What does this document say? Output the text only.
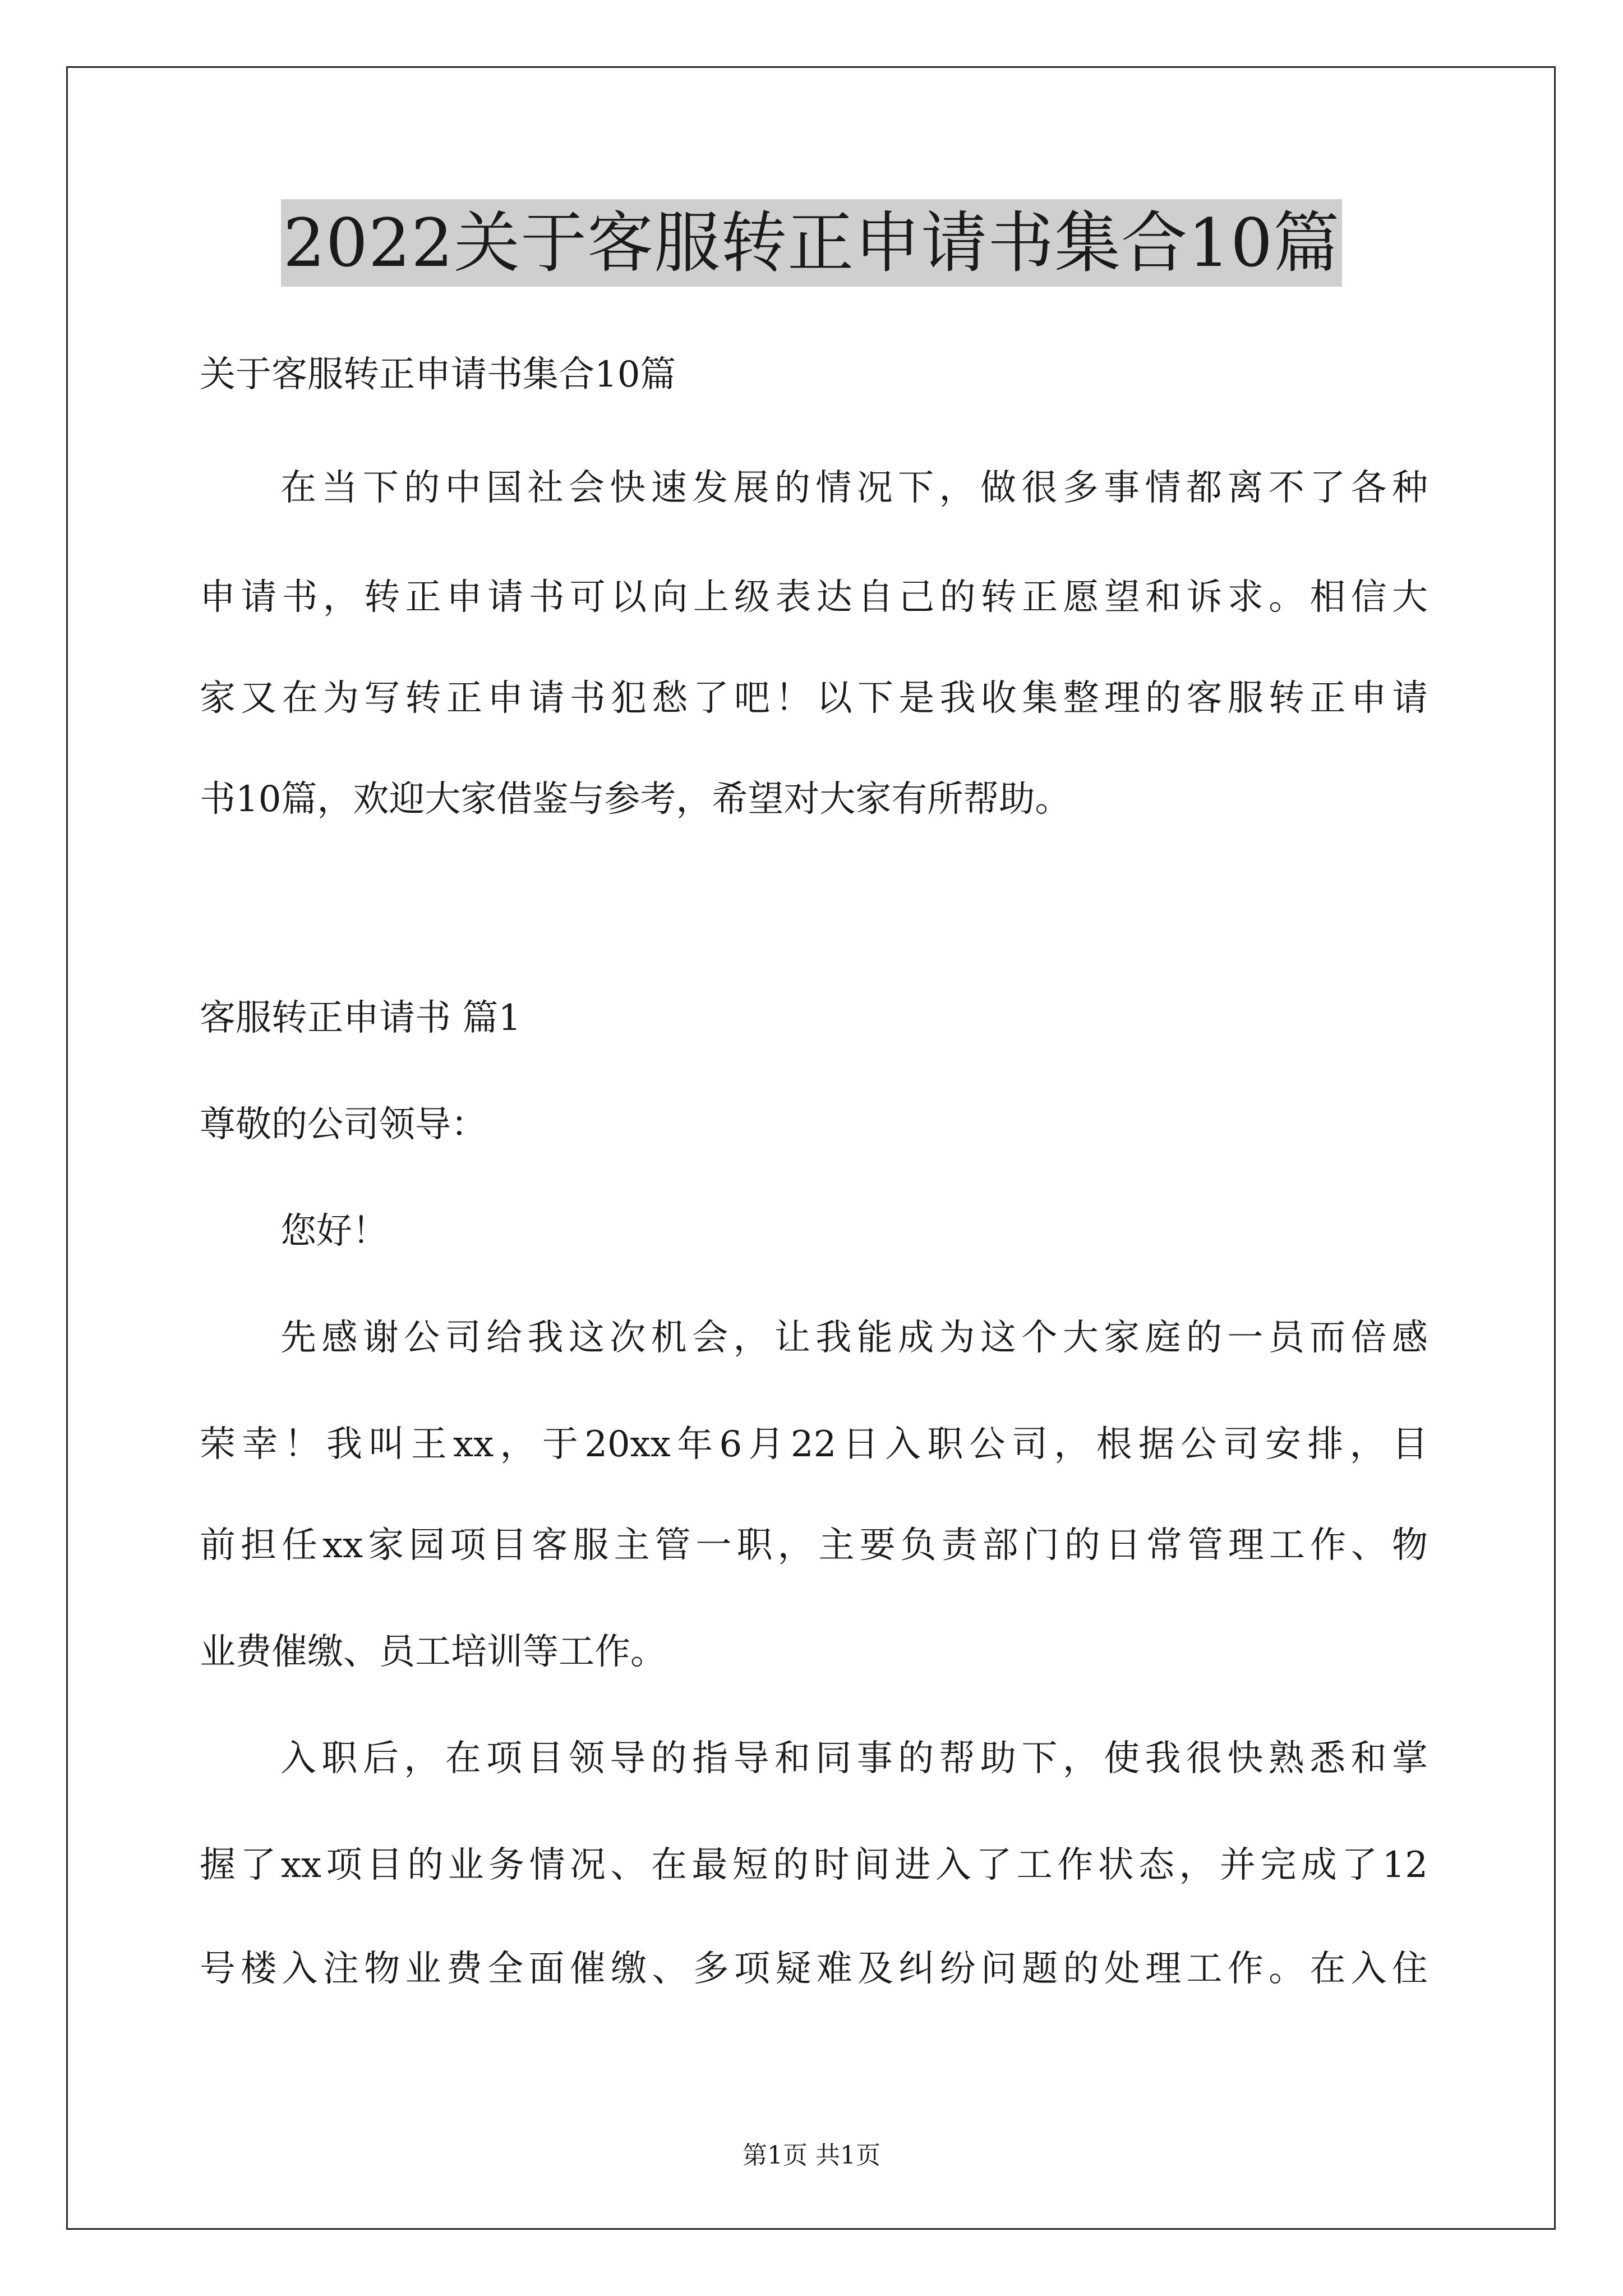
2022关于客服转正申请书集合10篇

关于客服转正申请书集合10篇

在当下的中国社会快速发展的情况下，做很多事情都离不了各种

申请书，转正申请书可以向上级表达自己的转正愿望和诉求。相信大

家又在为写转正申请书犯愁了吧！以下是我收集整理的客服转正申请

书10篇，欢迎大家借鉴与参考，希望对大家有所帮助。

客服转正申请书 篇1

尊敬的公司领导：

您好！

先感谢公司给我这次机会，让我能成为这个大家庭的一员而倍感

荣幸！我叫王xx，于20xx年6月22日入职公司，根据公司安排，目

前担任xx家园项目客服主管一职，主要负责部门的日常管理工作、物

业费催缴、员工培训等工作。

入职后，在项目领导的指导和同事的帮助下，使我很快熟悉和掌

握了xx项目的业务情况、在最短的时间进入了工作状态，并完成了12

号楼入注物业费全面催缴、多项疑难及纠纷问题的处理工作。在入住

第1页 共1页
